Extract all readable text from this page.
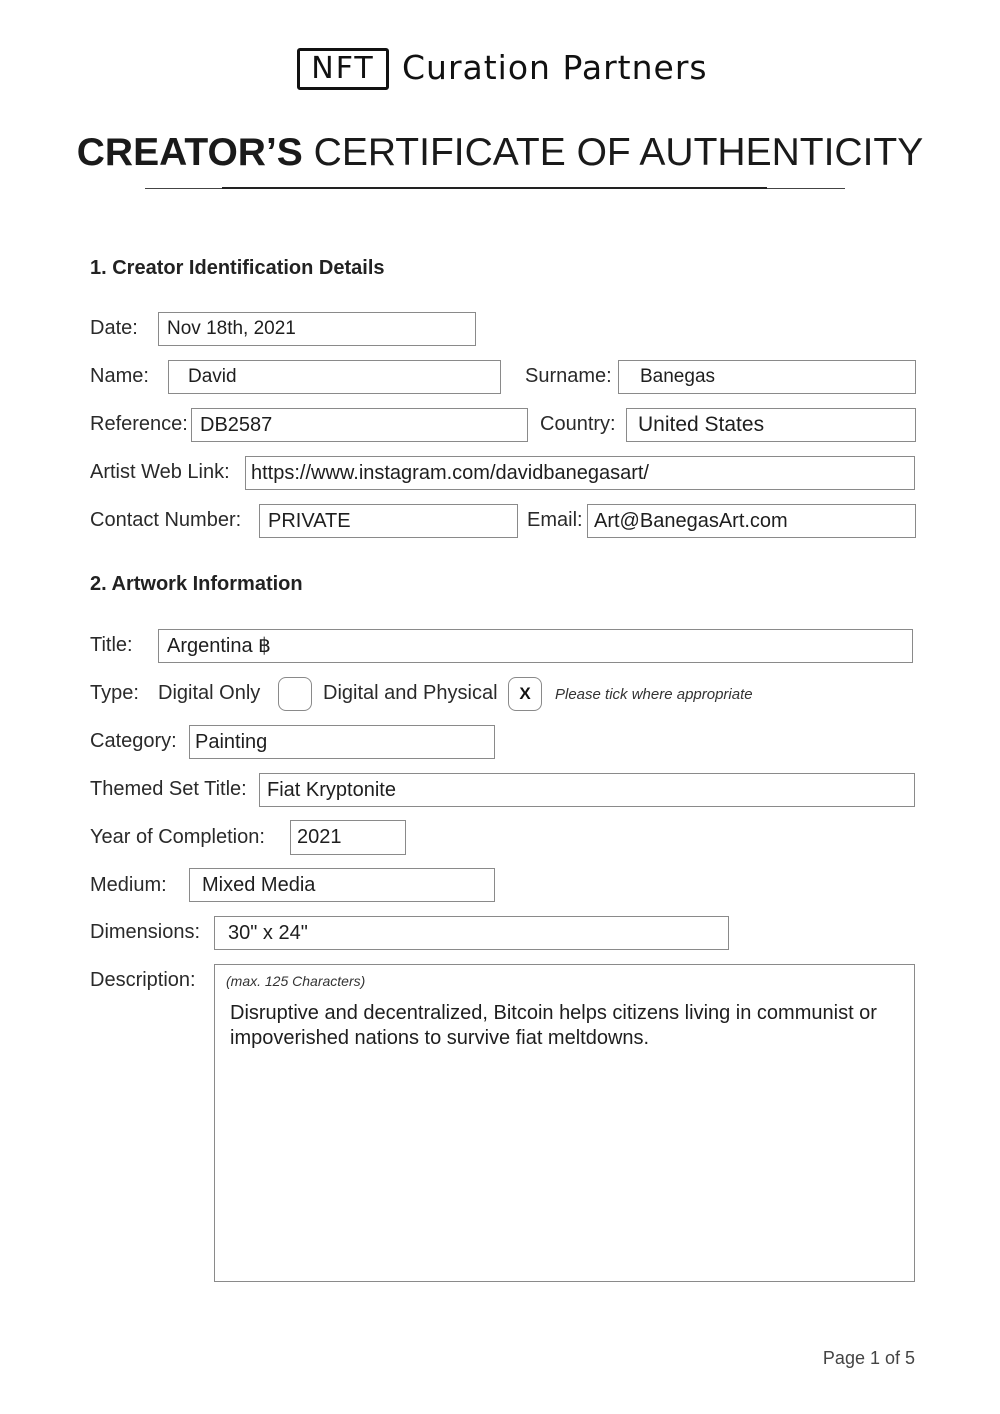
NFT Curation Partners
CREATOR’S CERTIFICATE OF AUTHENTICITY
1. Creator Identification Details
Date:	Nov 18th, 2021
Name:	David	Surname:	Banegas
Reference: DB2587	Country:	United States
Artist Web Link:	https://www.instagram.com/davidbanegasart/
Contact Number:	PRIVATE	Email: Art@BanegasArt.com
2. Artwork Information
Title:	Argentina ฿
Type: Digital Only	Digital and Physical	X	Please tick where appropriate
Category: Painting
Themed Set Title:	Fiat Kryptonite
Year of Completion:	2021
Medium:	Mixed Media
Dimensions:	30" x 24"
Description: (max. 125 Characters)
Disruptive and decentralized, Bitcoin helps citizens living in communist or impoverished nations to survive fiat meltdowns.
Page 1 of 5
